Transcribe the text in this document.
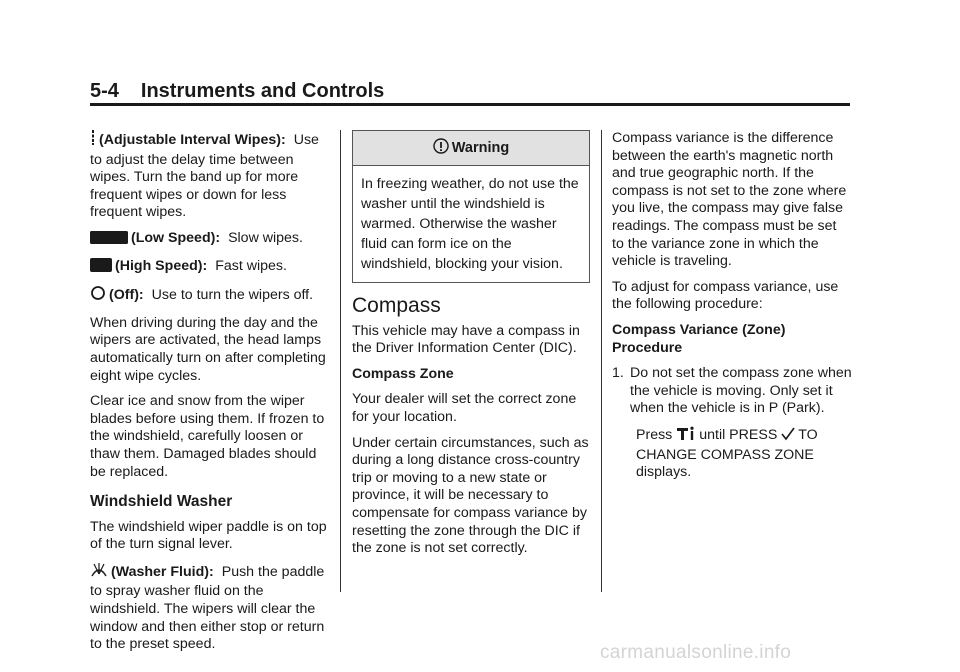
5-4 Instruments and Controls

(Adjustable Interval Wipes): Use to adjust the delay time between wipes. Turn the band up for more frequent wipes or down for less frequent wipes.

(Low Speed): Slow wipes.

(High Speed): Fast wipes.

(Off): Use to turn the wipers off.

When driving during the day and the wipers are activated, the head lamps automatically turn on after completing eight wipe cycles.

Clear ice and snow from the wiper blades before using them. If frozen to the windshield, carefully loosen or thaw them. Damaged blades should be replaced.

Windshield Washer

The windshield wiper paddle is on top of the turn signal lever.

(Washer Fluid): Push the paddle to spray washer fluid on the windshield. The wipers will clear the window and then either stop or return to the preset speed.

Warning
In freezing weather, do not use the washer until the windshield is warmed. Otherwise the washer fluid can form ice on the windshield, blocking your vision.
Compass

This vehicle may have a compass in the Driver Information Center (DIC).

Compass Zone

Your dealer will set the correct zone for your location.

Under certain circumstances, such as during a long distance cross-country trip or moving to a new state or province, it will be necessary to compensate for compass variance by resetting the zone through the DIC if the zone is not set correctly.

Compass variance is the difference between the earth's magnetic north and true geographic north. If the compass is not set to the zone where you live, the compass may give false readings. The compass must be set to the variance zone in which the vehicle is traveling.

To adjust for compass variance, use the following procedure:

Compass Variance (Zone) Procedure
1. Do not set the compass zone when the vehicle is moving. Only set it when the vehicle is in P (Park).

Press until PRESS TO CHANGE COMPASS ZONE displays.

carmanualsonline.info
